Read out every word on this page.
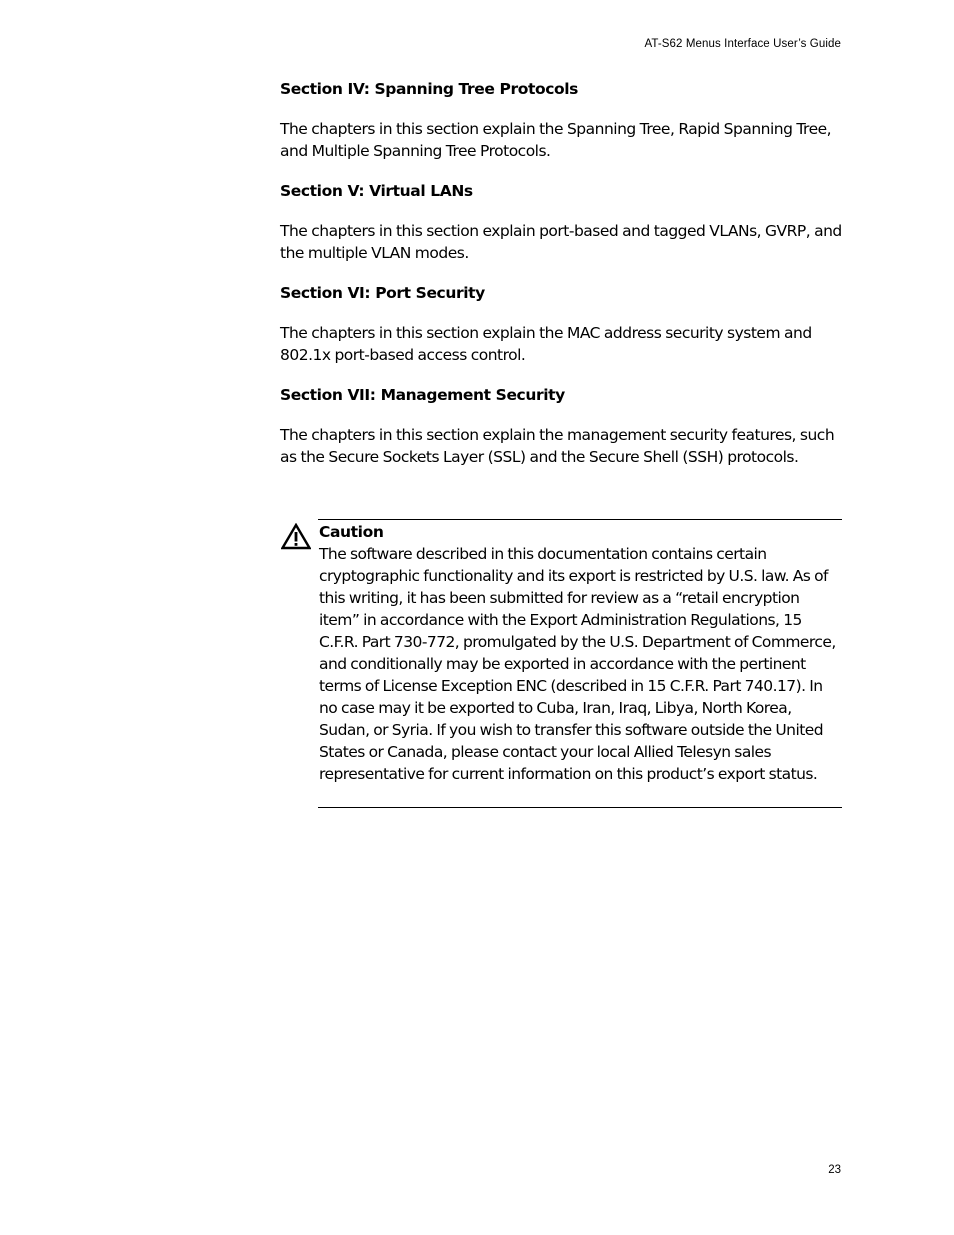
AT-S62 Menus Interface User’s Guide
Section IV: Spanning Tree Protocols

The chapters in this section explain the Spanning Tree, Rapid Spanning Tree, and Multiple Spanning Tree Protocols.

Section V: Virtual LANs

The chapters in this section explain port-based and tagged VLANs, GVRP, and the multiple VLAN modes.

Section VI: Port Security

The chapters in this section explain the MAC address security system and 802.1x port-based access control.

Section VII: Management Security

The chapters in this section explain the management security features, such as the Secure Sockets Layer (SSL) and the Secure Shell (SSH) protocols.

Caution
The software described in this documentation contains certain cryptographic functionality and its export is restricted by U.S. law. As of this writing, it has been submitted for review as a “retail encryption item” in accordance with the Export Administration Regulations, 15 C.F.R. Part 730-772, promulgated by the U.S. Department of Commerce, and conditionally may be exported in accordance with the pertinent terms of License Exception ENC (described in 15 C.F.R. Part 740.17). In no case may it be exported to Cuba, Iran, Iraq, Libya, North Korea, Sudan, or Syria. If you wish to transfer this software outside the United States or Canada, please contact your local Allied Telesyn sales representative for current information on this product’s export status.
23
